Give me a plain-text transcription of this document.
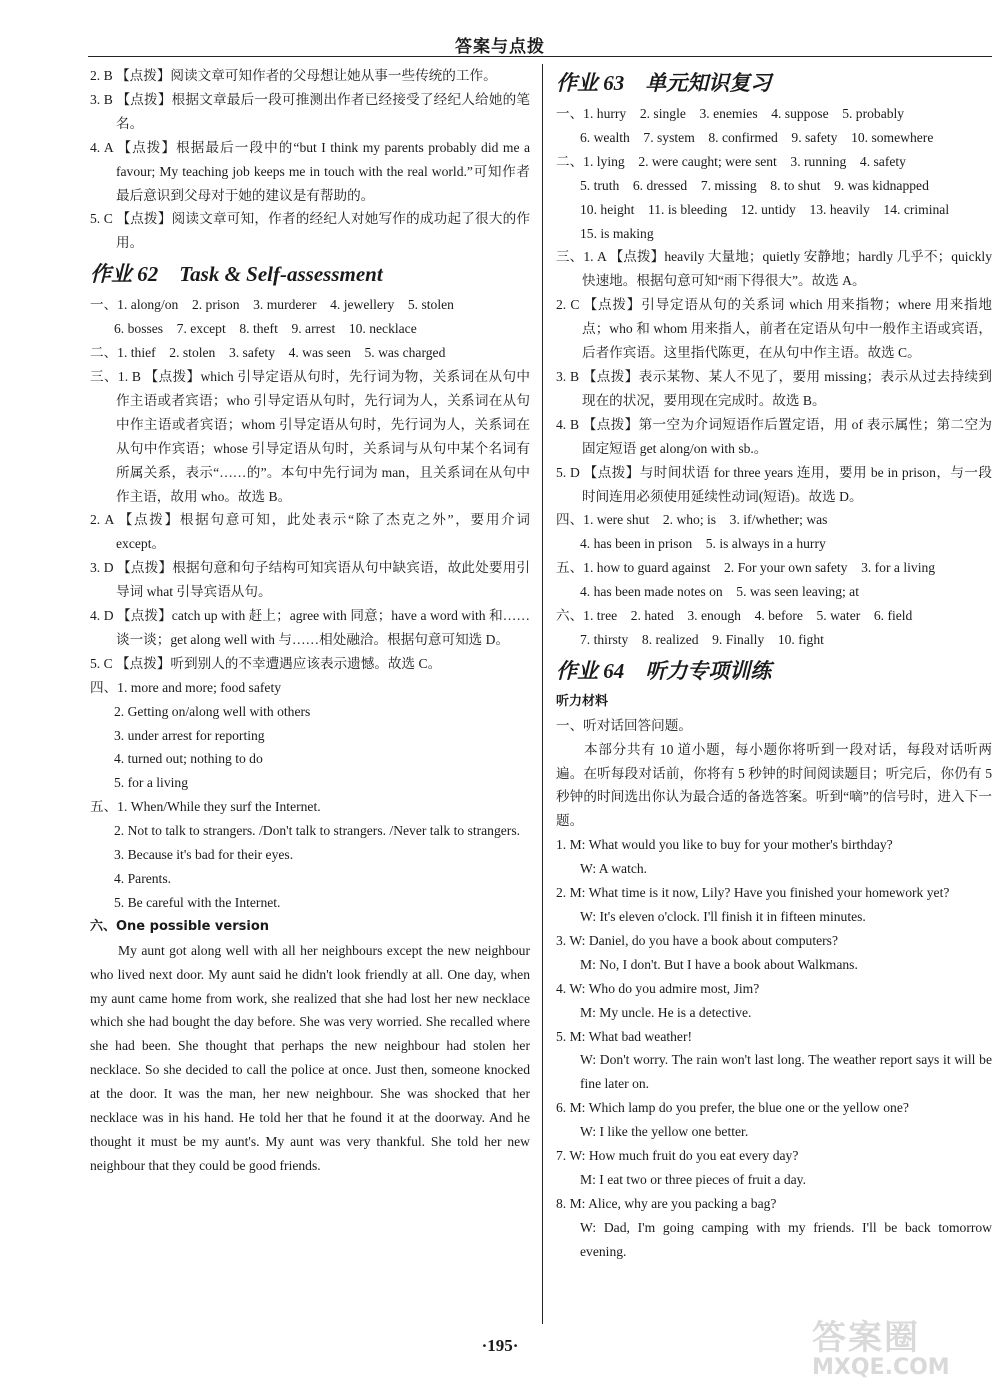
答案与点拨
2. B 【点拨】阅读文章可知作者的父母想让她从事一些传统的工作。
3. B 【点拨】根据文章最后一段可推测出作者已经接受了经纪人给她的笔名。
4. A 【点拨】根据最后一段中的“but I think my parents probably did me a favour; My teaching job keeps me in touch with the real world.”可知作者最后意识到父母对于她的建议是有帮助的。
5. C 【点拨】阅读文章可知，作者的经纪人对她写作的成功起了很大的作用。
作业 62　Task & Self-assessment
一、1. along/on　2. prison　3. murderer　4. jewellery　5. stolen
6. bosses　7. except　8. theft　9. arrest　10. necklace
二、1. thief　2. stolen　3. safety　4. was seen　5. was charged
三、1. B 【点拨】which 引导定语从句时，先行词为物，关系词在从句中作主语或者宾语；who 引导定语从句时，先行词为人，关系词在从句中作主语或者宾语；whom 引导定语从句时，先行词为人，关系词在从句中作宾语；whose 引导定语从句时，关系词与从句中某个名词有所属关系，表示“……的”。本句中先行词为 man，且关系词在从句中作主语，故用 who。故选 B。
2. A 【点拨】根据句意可知，此处表示“除了杰克之外”，要用介词 except。
3. D 【点拨】根据句意和句子结构可知宾语从句中缺宾语，故此处要用引导词 what 引导宾语从句。
4. D 【点拨】catch up with 赶上；agree with 同意；have a word with 和……谈一谈；get along well with 与……相处融洽。根据句意可知选 D。
5. C 【点拨】听到别人的不幸遭遇应该表示遗憾。故选 C。
四、1. more and more; food safety
2. Getting on/along well with others
3. under arrest for reporting
4. turned out; nothing to do
5. for a living
五、1. When/While they surf the Internet.
2. Not to talk to strangers. /Don't talk to strangers. /Never talk to strangers.
3. Because it's bad for their eyes.
4. Parents.
5. Be careful with the Internet.
六、One possible version
My aunt got along well with all her neighbours except the new neighbour who lived next door. My aunt said he didn't look friendly at all. One day, when my aunt came home from work, she realized that she had lost her new necklace which she had bought the day before. She was very worried. She recalled where she had been. She thought that perhaps the new neighbour had stolen her necklace. So she decided to call the police at once. Just then, someone knocked at the door. It was the man, her new neighbour. She was shocked that her necklace was in his hand. He told her that he found it at the doorway. And he thought it must be my aunt's. My aunt was very thankful. She told her new neighbour that they could be good friends.
作业 63　单元知识复习
一、1. hurry　2. single　3. enemies　4. suppose　5. probably
6. wealth　7. system　8. confirmed　9. safety　10. somewhere
二、1. lying　2. were caught; were sent　3. running　4. safety
5. truth　6. dressed　7. missing　8. to shut　9. was kidnapped
10. height　11. is bleeding　12. untidy　13. heavily　14. criminal
15. is making
三、1. A 【点拨】heavily 大量地；quietly 安静地；hardly 几乎不；quickly 快速地。根据句意可知“雨下得很大”。故选 A。
2. C 【点拨】引导定语从句的关系词 which 用来指物；where 用来指地点；who 和 whom 用来指人，前者在定语从句中一般作主语或宾语，后者作宾语。这里指代陈更，在从句中作主语。故选 C。
3. B 【点拨】表示某物、某人不见了，要用 missing；表示从过去持续到现在的状况，要用现在完成时。故选 B。
4. B 【点拨】第一空为介词短语作后置定语，用 of 表示属性；第二空为固定短语 get along/on with sb.。
5. D 【点拨】与时间状语 for three years 连用，要用 be in prison，与一段时间连用必须使用延续性动词(短语)。故选 D。
四、1. were shut　2. who; is　3. if/whether; was
4. has been in prison　5. is always in a hurry
五、1. how to guard against　2. For your own safety　3. for a living
4. has been made notes on　5. was seen leaving; at
六、1. tree　2. hated　3. enough　4. before　5. water　6. field
7. thirsty　8. realized　9. Finally　10. fight
作业 64　听力专项训练
听力材料
一、听对话回答问题。
本部分共有 10 道小题，每小题你将听到一段对话，每段对话听两遍。在听每段对话前，你将有 5 秒钟的时间阅读题目；听完后，你仍有 5 秒钟的时间选出你认为最合适的备选答案。听到“嘀”的信号时，进入下一题。
1. M: What would you like to buy for your mother's birthday?
W: A watch.
2. M: What time is it now, Lily? Have you finished your homework yet?
W: It's eleven o'clock. I'll finish it in fifteen minutes.
3. W: Daniel, do you have a book about computers?
M: No, I don't. But I have a book about Walkmans.
4. W: Who do you admire most, Jim?
M: My uncle. He is a detective.
5. M: What bad weather!
W: Don't worry. The rain won't last long. The weather report says it will be fine later on.
6. M: Which lamp do you prefer, the blue one or the yellow one?
W: I like the yellow one better.
7. W: How much fruit do you eat every day?
M: I eat two or three pieces of fruit a day.
8. M: Alice, why are you packing a bag?
W: Dad, I'm going camping with my friends. I'll be back tomorrow evening.
·195·	答案圈
MXQE.COM
